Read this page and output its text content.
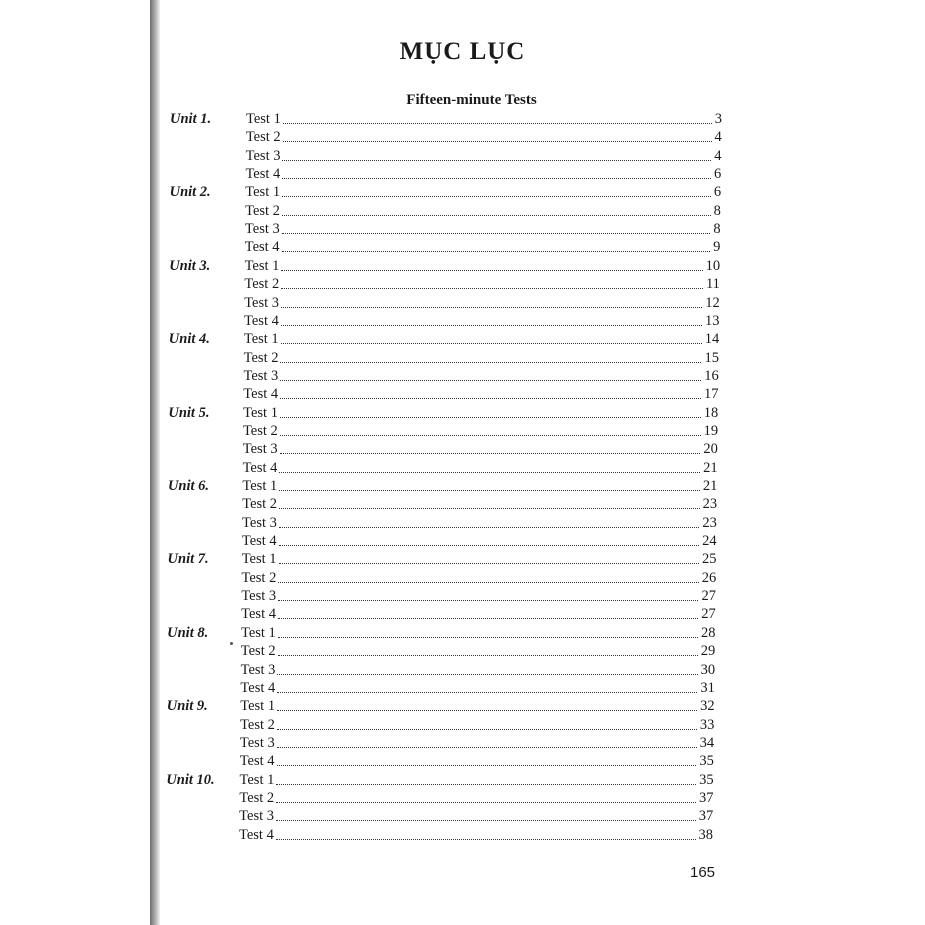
MỤC LỤC
Fifteen-minute Tests
Unit 1. Test 1	3
Test 2	4
Test 3	4
Test 4	6
Unit 2. Test 1	6
Test 2	8
Test 3	8
Test 4	9
Unit 3. Test 1	10
Test 2	11
Test 3	12
Test 4	13
Unit 4. Test 1	14
Test 2	15
Test 3	16
Test 4	17
Unit 5. Test 1	18
Test 2	19
Test 3	20
Test 4	21
Unit 6. Test 1	21
Test 2	23
Test 3	23
Test 4	24
Unit 7. Test 1	25
Test 2	26
Test 3	27
Test 4	27
Unit 8. Test 1	28
Test 2	29
Test 3	30
Test 4	31
Unit 9. Test 1	32
Test 2	33
Test 3	34
Test 4	35
Unit 10. Test 1	35
Test 2	37
Test 3	37
Test 4	38
165
